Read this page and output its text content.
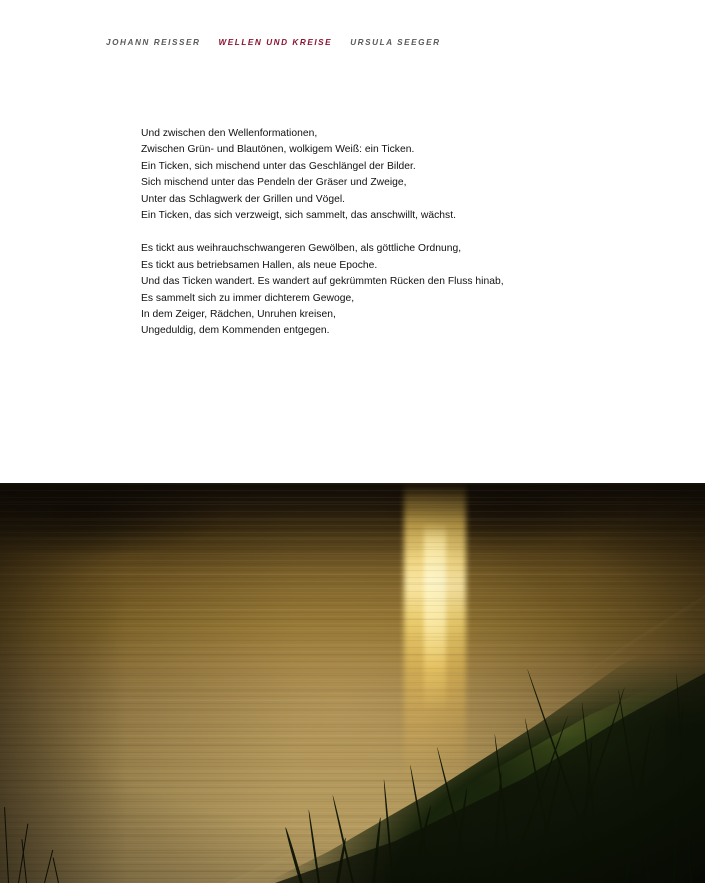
JOHANN REISSER WELLEN UND KREISE URSULA SEEGER
Und zwischen den Wellenformationen,
Zwischen Grün- und Blautönen, wolkigem Weiß: ein Ticken.
Ein Ticken, sich mischend unter das Geschlängel der Bilder.
Sich mischend unter das Pendeln der Gräser und Zweige,
Unter das Schlagwerk der Grillen und Vögel.
Ein Ticken, das sich verzweigt, sich sammelt, das anschwillt, wächst.
Es tickt aus weihrauchschwangeren Gewölben, als göttliche Ordnung,
Es tickt aus betriebsamen Hallen, als neue Epoche.
Und das Ticken wandert. Es wandert auf gekrümmten Rücken den Fluss hinab,
Es sammelt sich zu immer dichterem Gewoge,
In dem Zeiger, Rädchen, Unruhen kreisen,
Ungeduldig, dem Kommenden entgegen.
